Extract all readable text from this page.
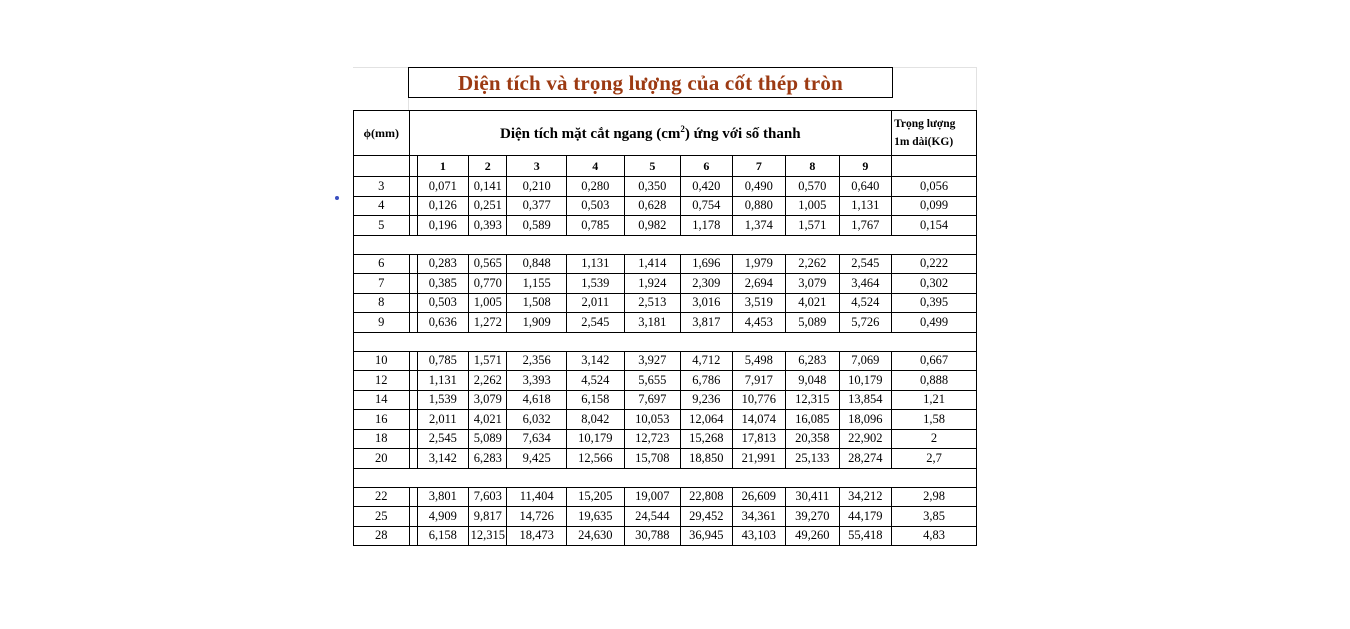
Diện tích và trọng lượng của cốt thép tròn
ϕ(mm)	Diện tích mặt cắt ngang $(cm^2)$ ứng với số thanh										Trọng lượng
1m dài(KG)
		1	2	3	4	5	6	7	8	9	
3		0,071	0,141	0,210	0,280	0,350	0,420	0,490	0,570	0,640	0,056
4		0,126	0,251	0,377	0,503	0,628	0,754	0,880	1,005	1,131	0,099
5		0,196	0,393	0,589	0,785	0,982	1,178	1,374	1,571	1,767	0,154

6		0,283	0,565	0,848	1,131	1,414	1,696	1,979	2,262	2,545	0,222
7		0,385	0,770	1,155	1,539	1,924	2,309	2,694	3,079	3,464	0,302
8		0,503	1,005	1,508	2,011	2,513	3,016	3,519	4,021	4,524	0,395
9		0,636	1,272	1,909	2,545	3,181	3,817	4,453	5,089	5,726	0,499

10		0,785	1,571	2,356	3,142	3,927	4,712	5,498	6,283	7,069	0,667
12		1,131	2,262	3,393	4,524	5,655	6,786	7,917	9,048	10,179	0,888
14		1,539	3,079	4,618	6,158	7,697	9,236	10,776	12,315	13,854	1,21
16		2,011	4,021	6,032	8,042	10,053	12,064	14,074	16,085	18,096	1,58
18		2,545	5,089	7,634	10,179	12,723	15,268	17,813	20,358	22,902	2
20		3,142	6,283	9,425	12,566	15,708	18,850	21,991	25,133	28,274	2,7

22		3,801	7,603	11,404	15,205	19,007	22,808	26,609	30,411	34,212	2,98
25		4,909	9,817	14,726	19,635	24,544	29,452	34,361	39,270	44,179	3,85
28		6,158	12,315	18,473	24,630	30,788	36,945	43,103	49,260	55,418	4,83
